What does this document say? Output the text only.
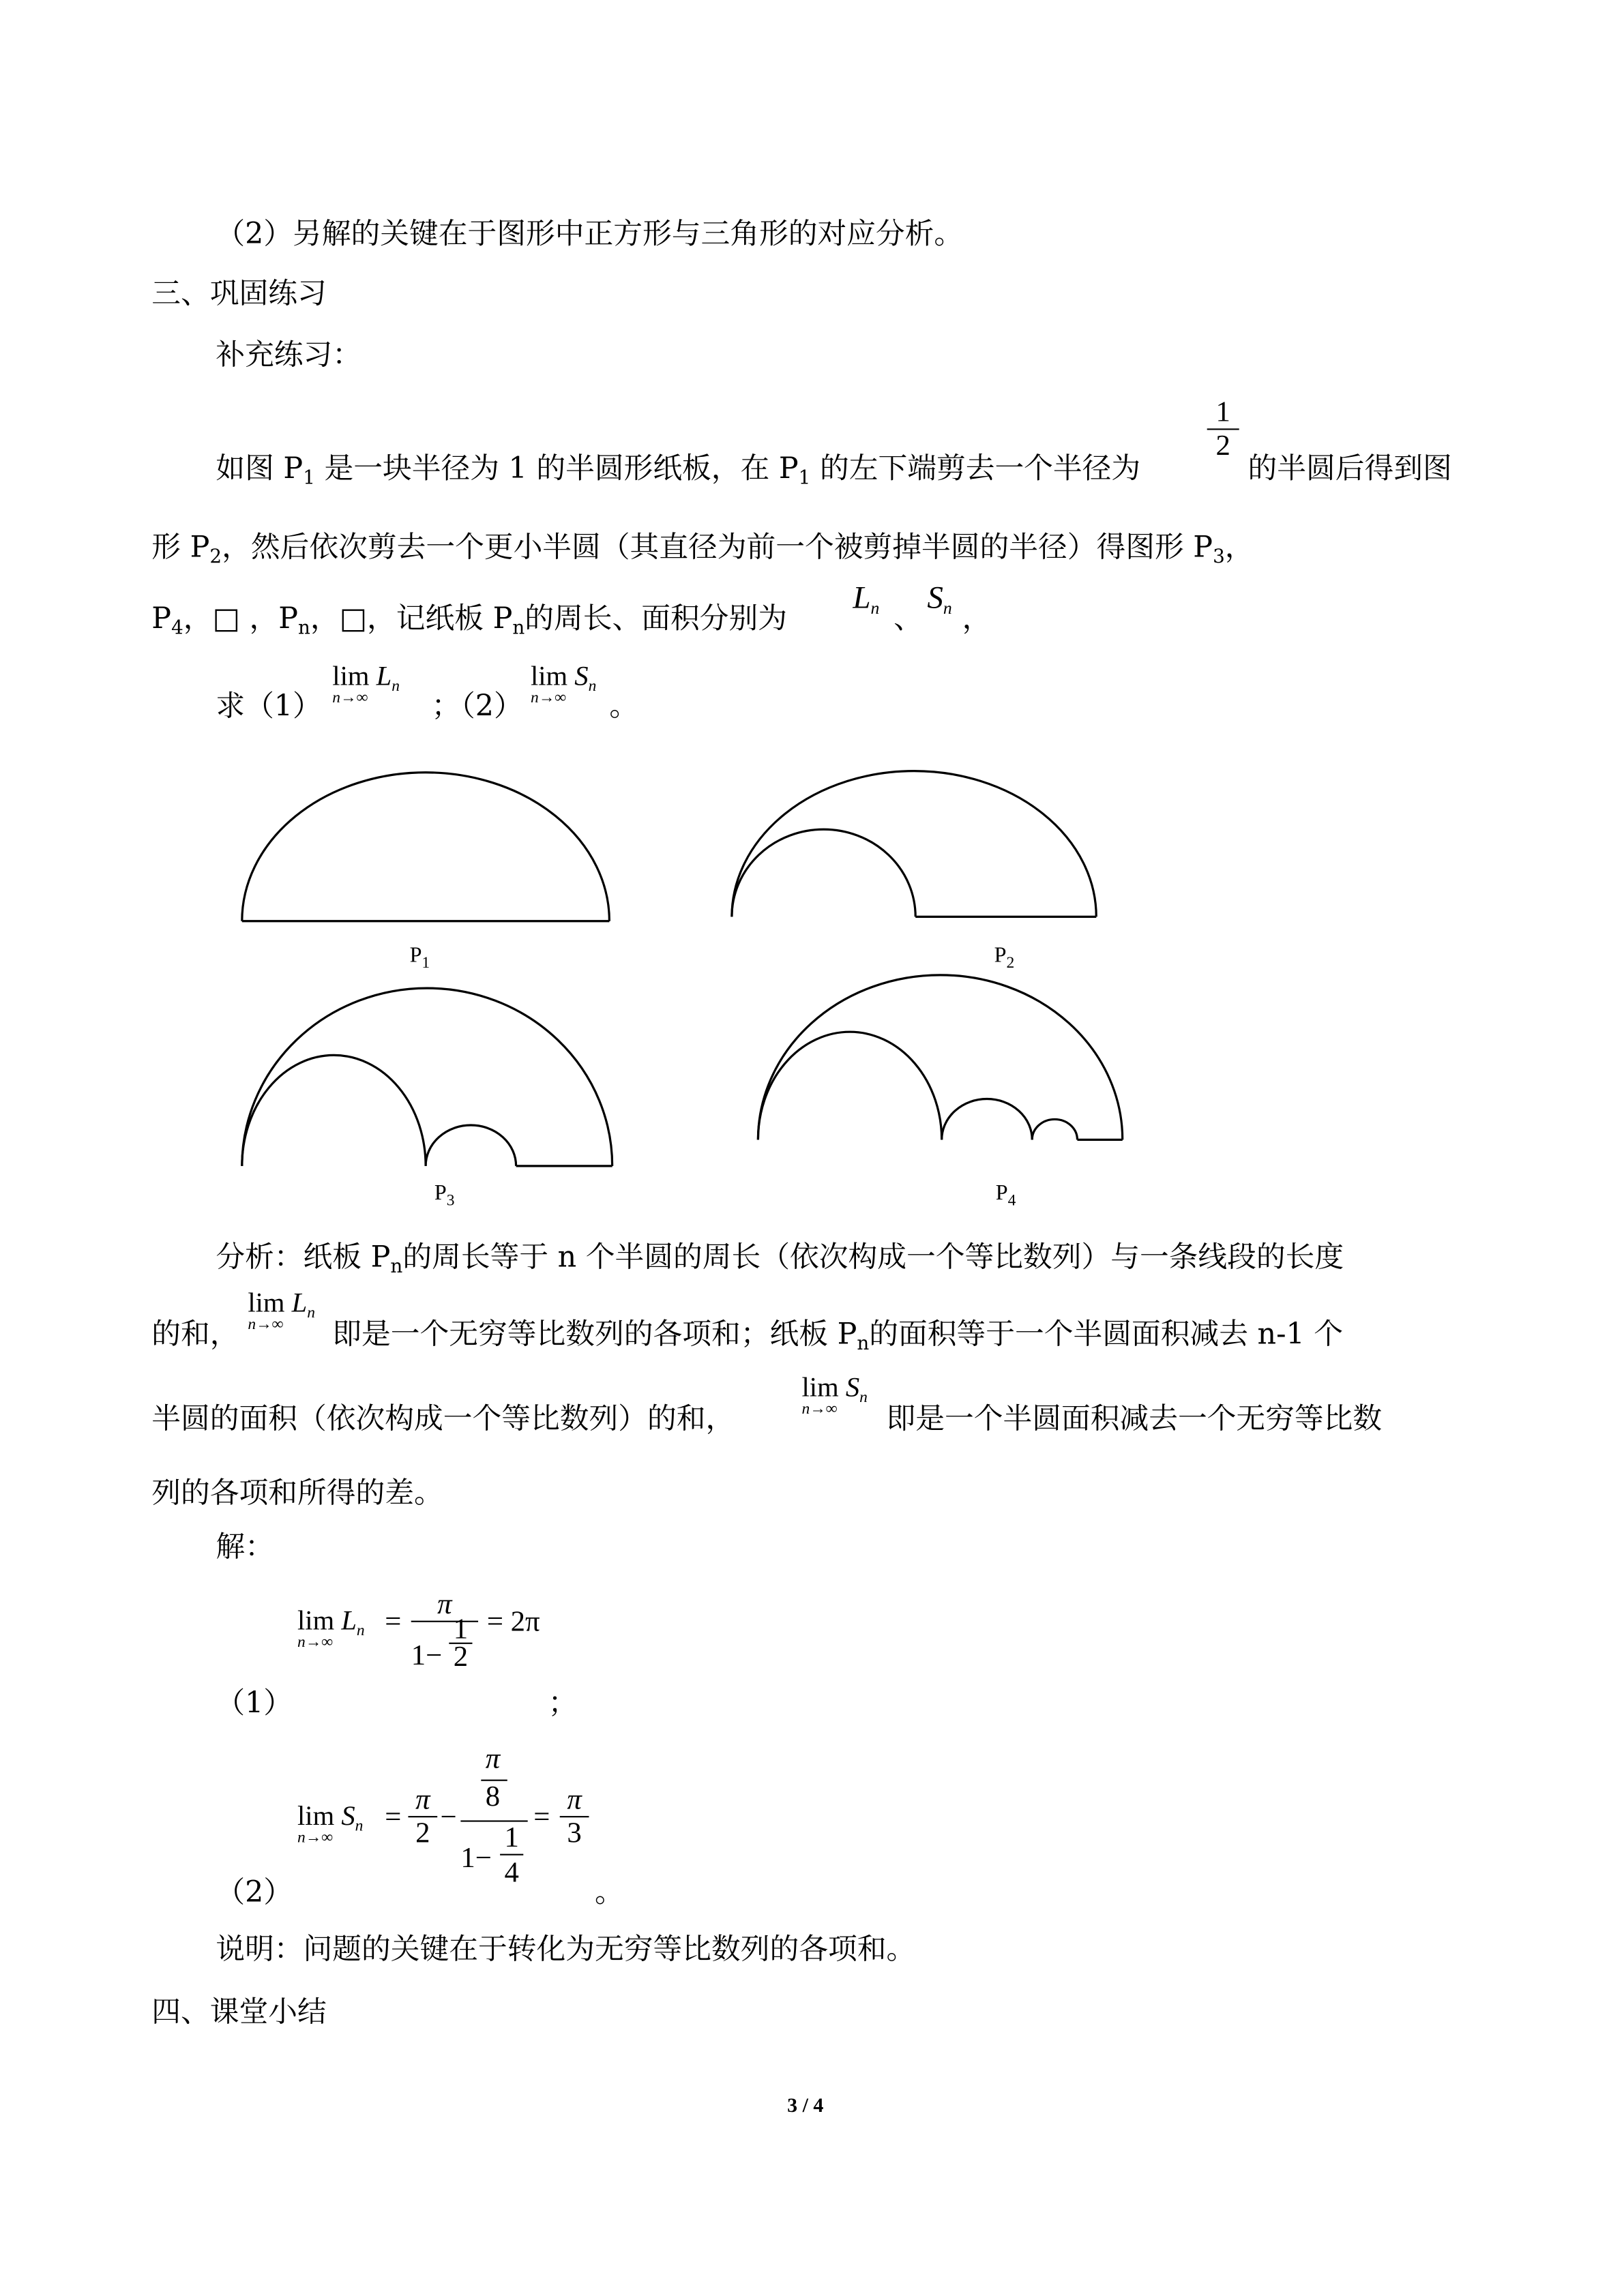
（2）另解的关键在于图形中正方形与三角形的对应分析。
三、巩固练习
补充练习：
如图 $P_1$ 是一块半径为 1 的半圆形纸板，在 $P_1$ 的左下端剪去一个半径为
1
2
的半圆后得到图
形 $P_2$，然后依次剪去一个更小半圆（其直径为前一个被剪掉半圆的半径）得图形 $P_3$，
$P_4$，□ ，$P_n$，□，记纸板 $P_n$的周长、面积分别为
$L_n$ 、
$S_n$ ，
求（1）
$\lim L_n$
n→∞	；（2）
$\lim S_n$
n→∞	。
$P_1$	$P_2$
$P_3$	$P_4$
分析：纸板 $P_n$的周长等于 n 个半圆的周长（依次构成一个等比数列）与一条线段的长度
的和，
$\lim L_n$
n→∞	即是一个无穷等比数列的各项和；纸板 $P_n$的面积等于一个半圆面积减去 n-1 个
半圆的面积（依次构成一个等比数列）的和，
$\lim S_n$
n→∞	即是一个半圆面积减去一个无穷等比数
列的各项和所得的差。
解：
$\lim L_n$
n→∞
=
π
1−
1
2
= 2π
（1）	；
$\lim S_n$
n→∞
=
π
2 −
π
8
1−
1
4
=
π
3
（2）	。
说明：问题的关键在于转化为无穷等比数列的各项和。
四、课堂小结
3 / 4
